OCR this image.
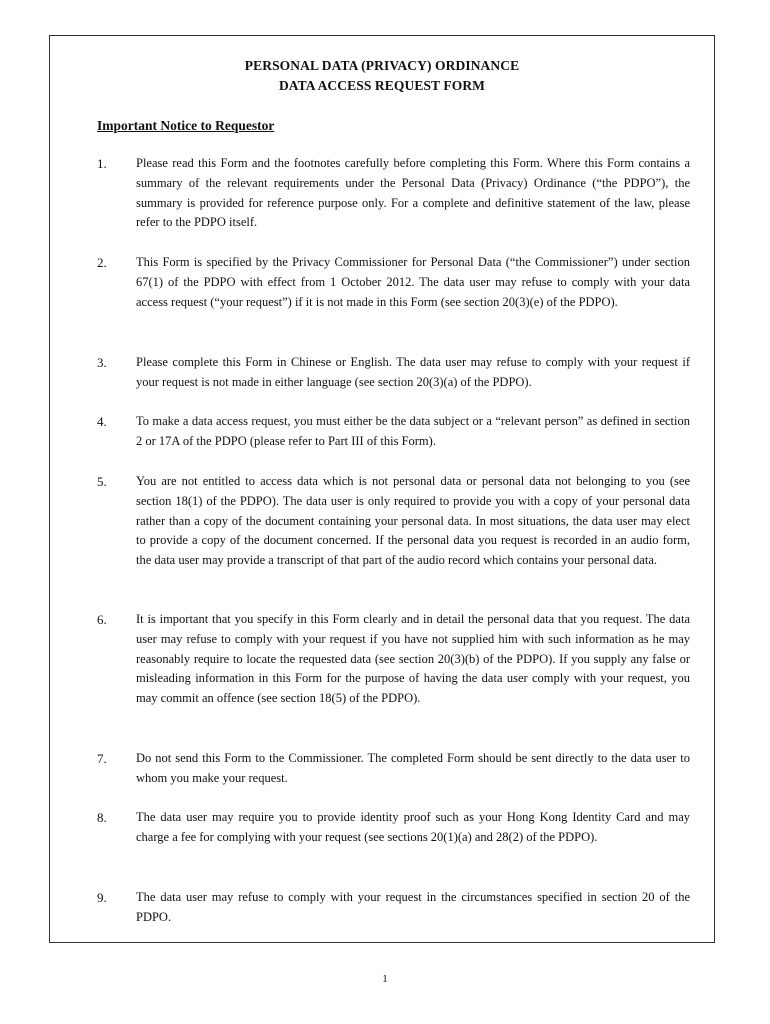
PERSONAL DATA (PRIVACY) ORDINANCE
DATA ACCESS REQUEST FORM
Important Notice to Requestor
1. Please read this Form and the footnotes carefully before completing this Form. Where this Form contains a summary of the relevant requirements under the Personal Data (Privacy) Ordinance (“the PDPO”), the summary is provided for reference purpose only. For a complete and definitive statement of the law, please refer to the PDPO itself.
2. This Form is specified by the Privacy Commissioner for Personal Data (“the Commissioner”) under section 67(1) of the PDPO with effect from 1 October 2012. The data user may refuse to comply with your data access request (“your request”) if it is not made in this Form (see section 20(3)(e) of the PDPO).
3. Please complete this Form in Chinese or English. The data user may refuse to comply with your request if your request is not made in either language (see section 20(3)(a) of the PDPO).
4. To make a data access request, you must either be the data subject or a “relevant person” as defined in section 2 or 17A of the PDPO (please refer to Part III of this Form).
5. You are not entitled to access data which is not personal data or personal data not belonging to you (see section 18(1) of the PDPO). The data user is only required to provide you with a copy of your personal data rather than a copy of the document containing your personal data. In most situations, the data user may elect to provide a copy of the document concerned. If the personal data you request is recorded in an audio form, the data user may provide a transcript of that part of the audio record which contains your personal data.
6. It is important that you specify in this Form clearly and in detail the personal data that you request. The data user may refuse to comply with your request if you have not supplied him with such information as he may reasonably require to locate the requested data (see section 20(3)(b) of the PDPO). If you supply any false or misleading information in this Form for the purpose of having the data user comply with your request, you may commit an offence (see section 18(5) of the PDPO).
7. Do not send this Form to the Commissioner. The completed Form should be sent directly to the data user to whom you make your request.
8. The data user may require you to provide identity proof such as your Hong Kong Identity Card and may charge a fee for complying with your request (see sections 20(1)(a) and 28(2) of the PDPO).
9. The data user may refuse to comply with your request in the circumstances specified in section 20 of the PDPO.
1
